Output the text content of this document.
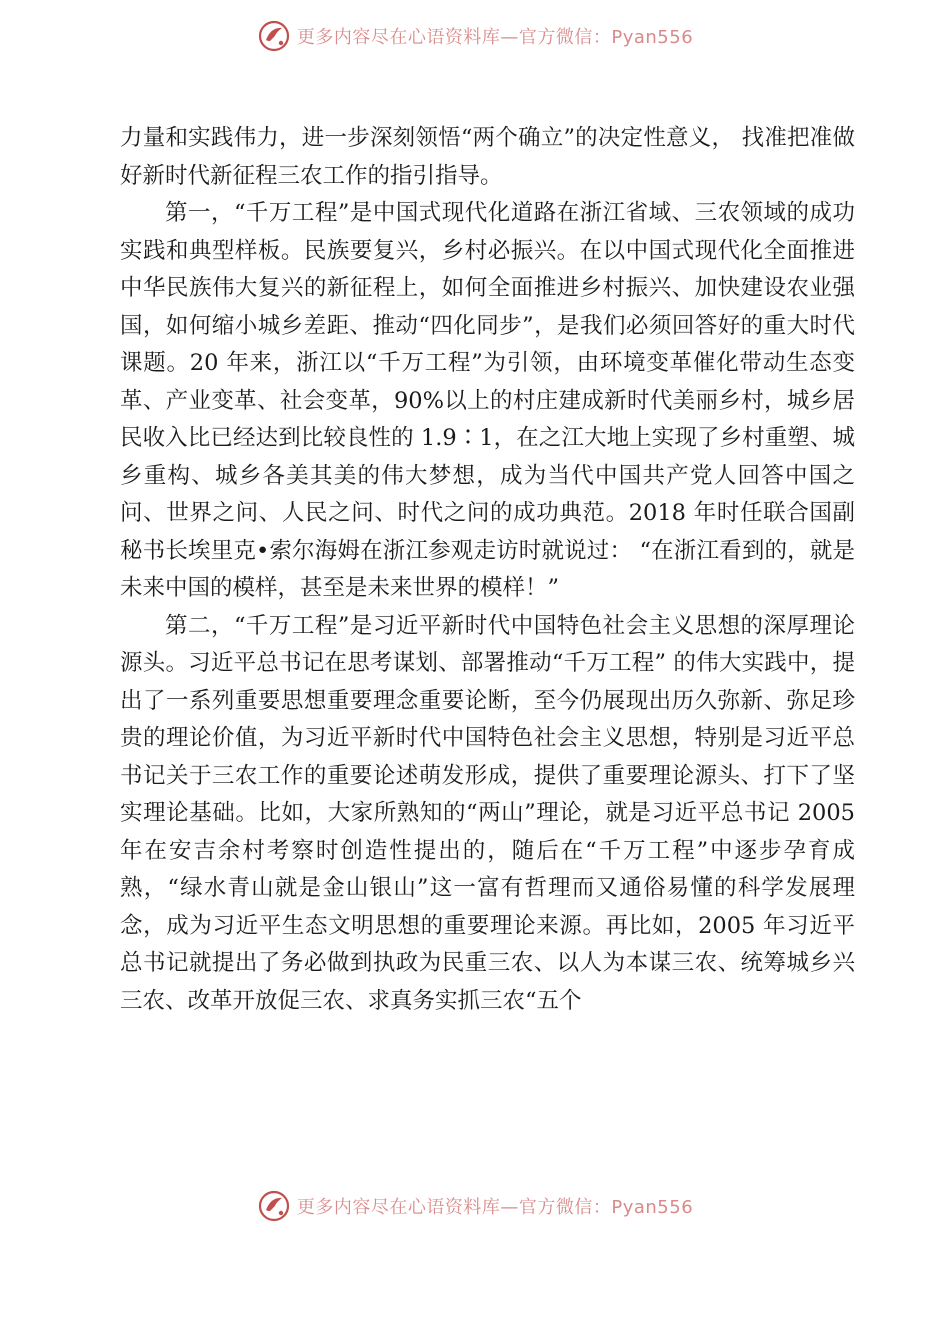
更多内容尽在心语资料库—官方微信：Pyan556

力量和实践伟力，进一步深刻领悟“两个确立”的决定性意义， 找准把准做好新时代新征程三农工作的指引指导。

第一，“千万工程”是中国式现代化道路在浙江省域、三农领域的成功实践和典型样板。民族要复兴，乡村必振兴。在以中国式现代化全面推进中华民族伟大复兴的新征程上，如何全面推进乡村振兴、加快建设农业强国，如何缩小城乡差距、推动“四化同步”，是我们必须回答好的重大时代课题。20 年来，浙江以“千万工程”为引领，由环境变革催化带动生态变革、产业变革、社会变革，90%以上的村庄建成新时代美丽乡村，城乡居民收入比已经达到比较良性的 1.9∶1，在之江大地上实现了乡村重塑、城乡重构、城乡各美其美的伟大梦想，成为当代中国共产党人回答中国之问、世界之问、人民之问、时代之问的成功典范。2018 年时任联合国副秘书长埃里克•索尔海姆在浙江参观走访时就说过： “在浙江看到的，就是未来中国的模样，甚至是未来世界的模样！”

第二，“千万工程”是习近平新时代中国特色社会主义思想的深厚理论源头。习近平总书记在思考谋划、部署推动“千万工程” 的伟大实践中，提出了一系列重要思想重要理念重要论断，至今仍展现出历久弥新、弥足珍贵的理论价值，为习近平新时代中国特色社会主义思想，特别是习近平总书记关于三农工作的重要论述萌发形成，提供了重要理论源头、打下了坚实理论基础。比如，大家所熟知的“两山”理论，就是习近平总书记 2005 年在安吉余村考察时创造性提出的，随后在“千万工程”中逐步孕育成熟，“绿水青山就是金山银山”这一富有哲理而又通俗易懂的科学发展理念，成为习近平生态文明思想的重要理论来源。再比如，2005 年习近平总书记就提出了务必做到执政为民重三农、以人为本谋三农、统筹城乡兴三农、改革开放促三农、求真务实抓三农“五个

更多内容尽在心语资料库—官方微信：Pyan556
